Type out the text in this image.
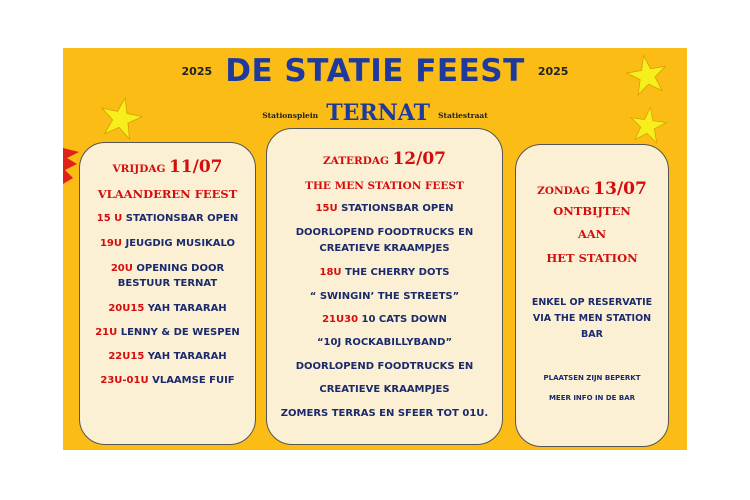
2025 DE STATIE FEEST 2025
Stationsplein TERNAT Statiestraat
VRIJDAG 11/07
VLAANDEREN FEEST
15 U STATIONSBAR OPEN
19U JEUGDIG MUSIKALO
20U OPENING DOOR
BESTUUR TERNAT
20U15 YAH TARARAH
21U LENNY & DE WESPEN
22U15 YAH TARARAH
23U-01U VLAAMSE FUIF
ZATERDAG 12/07
THE MEN STATION FEEST
15U STATIONSBAR OPEN
DOORLOPEND FOODTRUCKS EN
CREATIEVE KRAAMPJES
18U THE CHERRY DOTS
“ SWINGIN’ THE STREETS”
21U30 10 CATS DOWN
“10J ROCKABILLYBAND”
DOORLOPEND FOODTRUCKS EN
CREATIEVE KRAAMPJES
ZOMERS TERRAS EN SFEER TOT 01U.
ZONDAG 13/07
ONTBIJTEN
AAN
HET STATION
ENKEL OP RESERVATIE
VIA THE MEN STATION
BAR
PLAATSEN ZIJN BEPERKT
MEER INFO IN DE BAR
